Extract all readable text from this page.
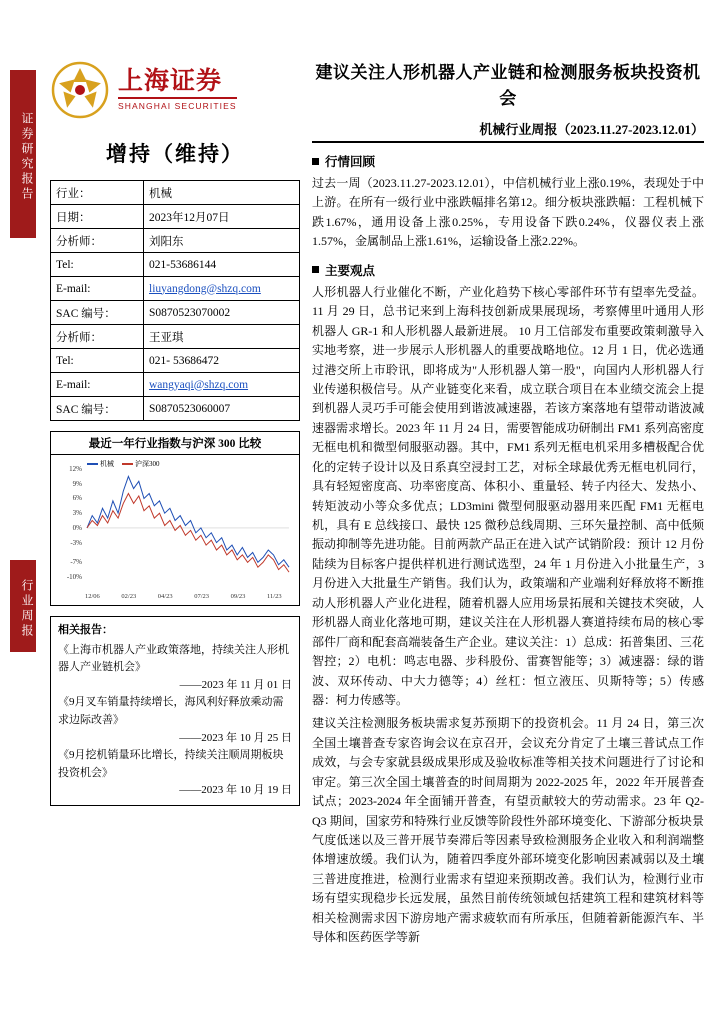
证券研究报告
行业周报
上海证券
SHANGHAI SECURITIES
增持（维持）
行业：	机械
日期：	2023年12月07日
分析师：	刘阳东
Tel:	021-53686144
E-mail:	liuyangdong@shzq.com
SAC 编号：	S0870523070002
分析师：	王亚琪
Tel:	021- 53686472
E-mail:	wangyaqi@shzq.com
SAC 编号：	S0870523060007
最近一年行业指数与沪深 300 比较
机械	沪深300
12%
9%
6%
3%
0%
-3%
-7%
-10%
12/06	02/23	04/23	07/23	09/23	11/23
相关报告：
《上海市机器人产业政策落地，持续关注人形机器人产业链机会》
——2023 年 11 月 01 日
《9月叉车销量持续增长，海风利好释放乘动需求边际改善》
——2023 年 10 月 25 日
《9月挖机销量环比增长，持续关注顺周期板块投资机会》
——2023 年 10 月 19 日
建议关注人形机器人产业链和检测服务板块投资机会
机械行业周报（2023.11.27-2023.12.01）
行情回顾

过去一周（2023.11.27-2023.12.01），中信机械行业上涨0.19%，表现处于中上游。在所有一级行业中涨跌幅排名第12。细分板块涨跌幅：工程机械下跌1.67%，通用设备上涨0.25%，专用设备下跌0.24%，仪器仪表上涨1.57%，金属制品上涨1.61%，运输设备上涨2.22%。

主要观点

人形机器人行业催化不断，产业化趋势下核心零部件环节有望率先受益。11 月 29 日，总书记来到上海科技创新成果展现场，考察傅里叶通用人形机器人 GR-1 和人形机器人最新进展。 10 月工信部发布重要政策刺激导入实地考察，进一步展示人形机器人的重要战略地位。12 月 1 日，优必选通过港交所上市聆讯，即将成为"人形机器人第一股"，向国内人形机器人行业传递积极信号。从产业链变化来看，成立联合项目在本业绩交流会上提到机器人灵巧手可能会使用到谐波减速器，若该方案落地有望带动谐波减速器需求增长。2023 年 11 月 24 日，需要智能成功研制出 FM1 系列高密度无框电机和微型伺服驱动器。其中，FM1 系列无框电机采用多槽极配合优化的定转子设计以及日系真空浸封工艺，对标全球最优秀无框电机同行，具有轻短密度高、功率密度高、体积小、重量轻、转子内径大、发热小、转矩波动小等众多优点；LD3mini 微型伺服驱动器用来匹配 FM1 无框电机，具有 E 总线接口、最快 125 微秒总线周期、三环矢量控制、高中低频振动抑制等先进功能。目前两款产品正在进入试产试销阶段：预计 12 月份陆续为目标客户提供样机进行测试选型，24 年 1 月份进入小批量生产，3 月份进入大批量生产销售。我们认为，政策端和产业端利好释放将不断推动人形机器人产业化进程，随着机器人应用场景拓展和关键技术突破，人形机器人商业化落地可期，建议关注在人形机器人赛道持续布局的核心零部件厂商和配套高端装备生产企业。建议关注：1）总成：拓普集团、三花智控；2）电机：鸣志电器、步科股份、雷赛智能等；3）减速器：绿的谐波、双环传动、中大力德等；4）丝杠：恒立液压、贝斯特等；5）传感器：柯力传感等。

建议关注检测服务板块需求复苏预期下的投资机会。11 月 24 日，第三次全国土壤普查专家咨询会议在京召开，会议充分肯定了土壤三普试点工作成效，与会专家就县级成果形成及验收标准等相关技术问题进行了讨论和审定。第三次全国土壤普查的时间周期为 2022-2025 年，2022 年开展普查试点；2023-2024 年全面铺开普查，有望贡献较大的劳动需求。23 年 Q2-Q3 期间，国家劳和特殊行业反馈等阶段性外部环境变化、下游部分板块景气度低迷以及三普开展节奏滞后等因素导致检测服务企业收入和利润端整体增速放缓。我们认为，随着四季度外部环境变化影响因素减弱以及土壤三普进度推进，检测行业需求有望迎来预期改善。我们认为，检测行业市场有望实现稳步长远发展，虽然目前传统领域包括建筑工程和建筑材料等相关检测需求因下游房地产需求疲软而有所承压，但随着新能源汽车、半导体和医药医学等新
